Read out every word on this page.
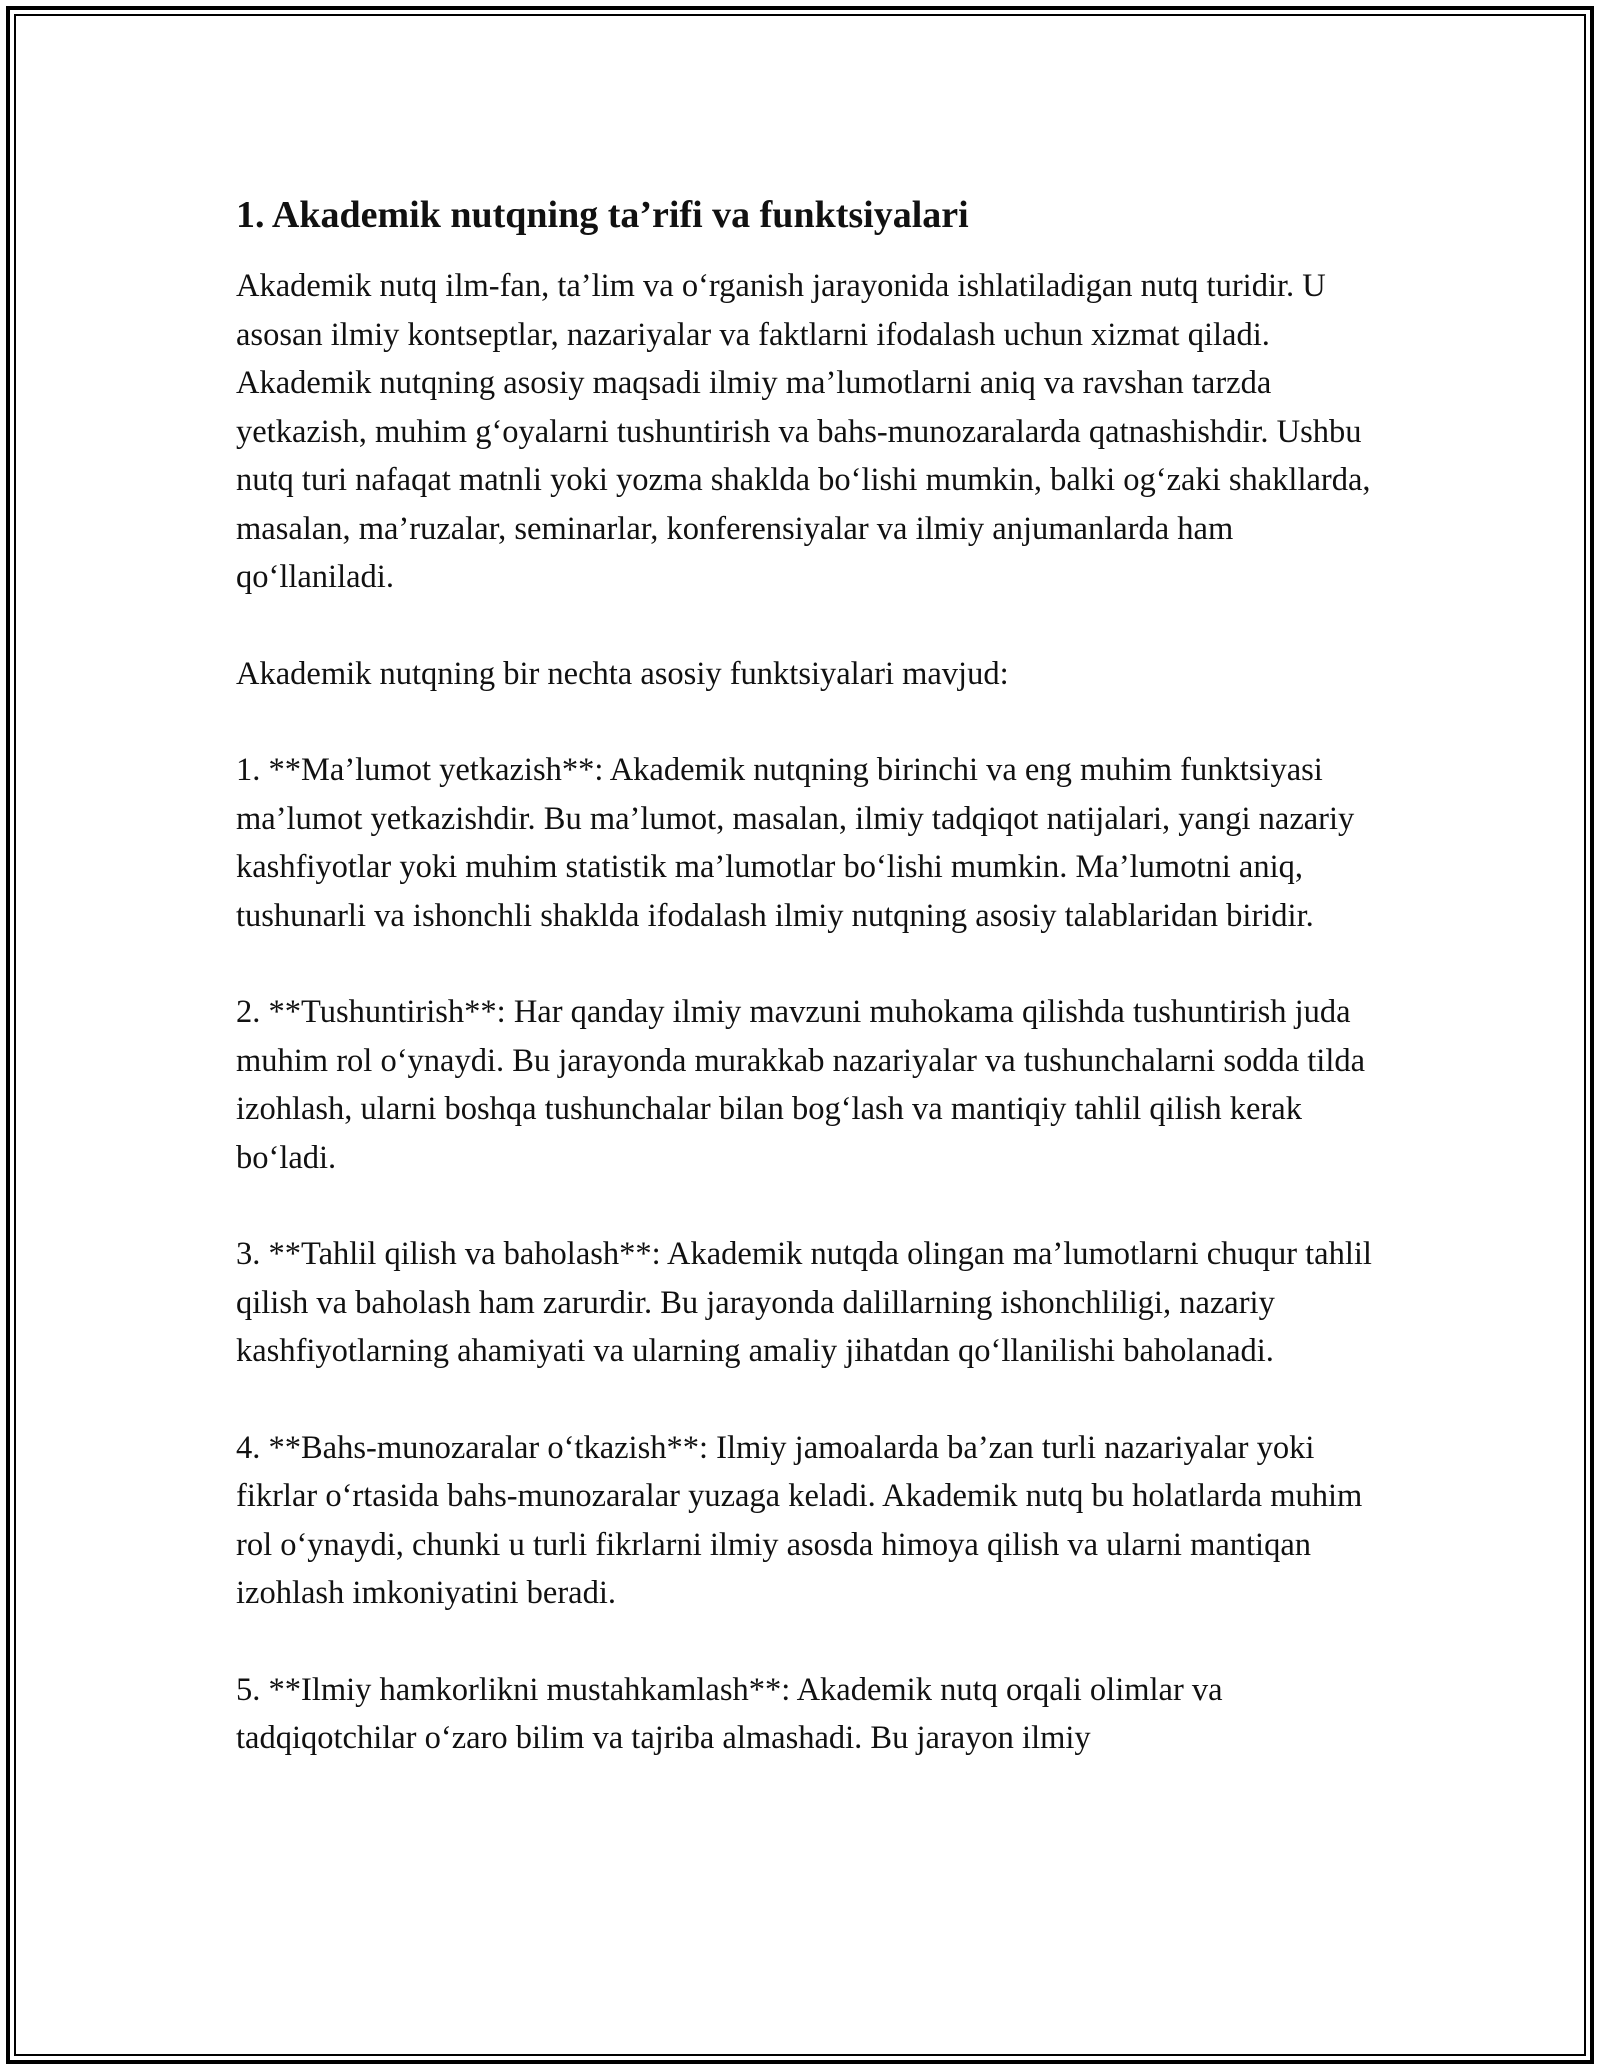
1. Akademik nutqning ta’rifi va funktsiyalari

Akademik nutq ilm-fan, ta’lim va o‘rganish jarayonida ishlatiladigan nutq turidir. U asosan ilmiy kontseptlar, nazariyalar va faktlarni ifodalash uchun xizmat qiladi. Akademik nutqning asosiy maqsadi ilmiy ma’lumotlarni aniq va ravshan tarzda yetkazish, muhim g‘oyalarni tushuntirish va bahs-munozaralarda qatnashishdir. Ushbu nutq turi nafaqat matnli yoki yozma shaklda bo‘lishi mumkin, balki og‘zaki shakllarda, masalan, ma’ruzalar, seminarlar, konferensiyalar va ilmiy anjumanlarda ham qo‘llaniladi.

Akademik nutqning bir nechta asosiy funktsiyalari mavjud:

1. **Ma’lumot yetkazish**: Akademik nutqning birinchi va eng muhim funktsiyasi ma’lumot yetkazishdir. Bu ma’lumot, masalan, ilmiy tadqiqot natijalari, yangi nazariy kashfiyotlar yoki muhim statistik ma’lumotlar bo‘lishi mumkin. Ma’lumotni aniq, tushunarli va ishonchli shaklda ifodalash ilmiy nutqning asosiy talablaridan biridir.

2. **Tushuntirish**: Har qanday ilmiy mavzuni muhokama qilishda tushuntirish juda muhim rol o‘ynaydi. Bu jarayonda murakkab nazariyalar va tushunchalarni sodda tilda izohlash, ularni boshqa tushunchalar bilan bog‘lash va mantiqiy tahlil qilish kerak bo‘ladi.

3. **Tahlil qilish va baholash**: Akademik nutqda olingan ma’lumotlarni chuqur tahlil qilish va baholash ham zarurdir. Bu jarayonda dalillarning ishonchliligi, nazariy kashfiyotlarning ahamiyati va ularning amaliy jihatdan qo‘llanilishi baholanadi.

4. **Bahs-munozaralar o‘tkazish**: Ilmiy jamoalarda ba’zan turli nazariyalar yoki fikrlar o‘rtasida bahs-munozaralar yuzaga keladi. Akademik nutq bu holatlarda muhim rol o‘ynaydi, chunki u turli fikrlarni ilmiy asosda himoya qilish va ularni mantiqan izohlash imkoniyatini beradi.

5. **Ilmiy hamkorlikni mustahkamlash**: Akademik nutq orqali olimlar va tadqiqotchilar o‘zaro bilim va tajriba almashadi. Bu jarayon ilmiy
